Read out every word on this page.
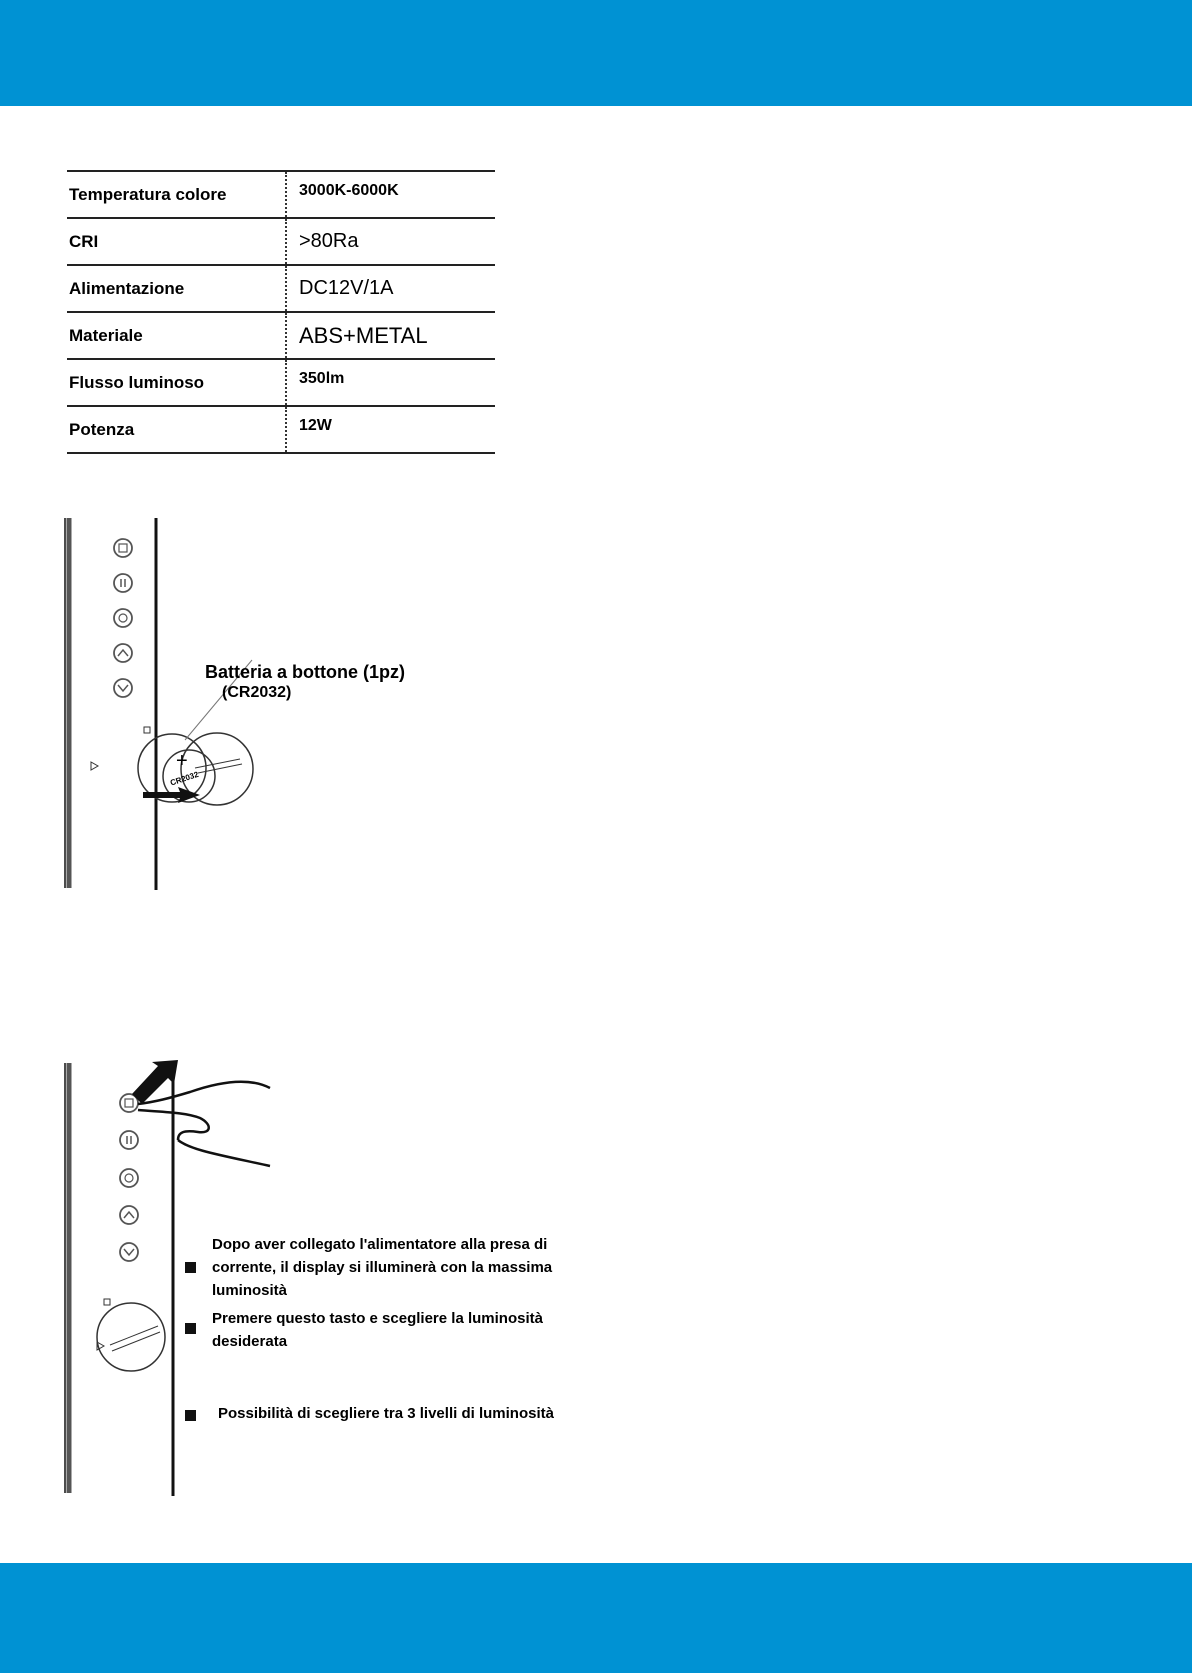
Temperatura colore	3000K-6000K
CRI	>80Ra
Alimentazione	DC12V/1A
Materiale	ABS+METAL
Flusso luminoso	350lm
Potenza	12W
+
CR2032
Batteria a bottone (1pz)
(CR2032)
Dopo aver collegato l'alimentatore alla presa di corrente, il display si illuminerà con la massima luminosità
Premere questo tasto e scegliere la luminosità desiderata
Possibilità di scegliere tra 3 livelli di luminosità
